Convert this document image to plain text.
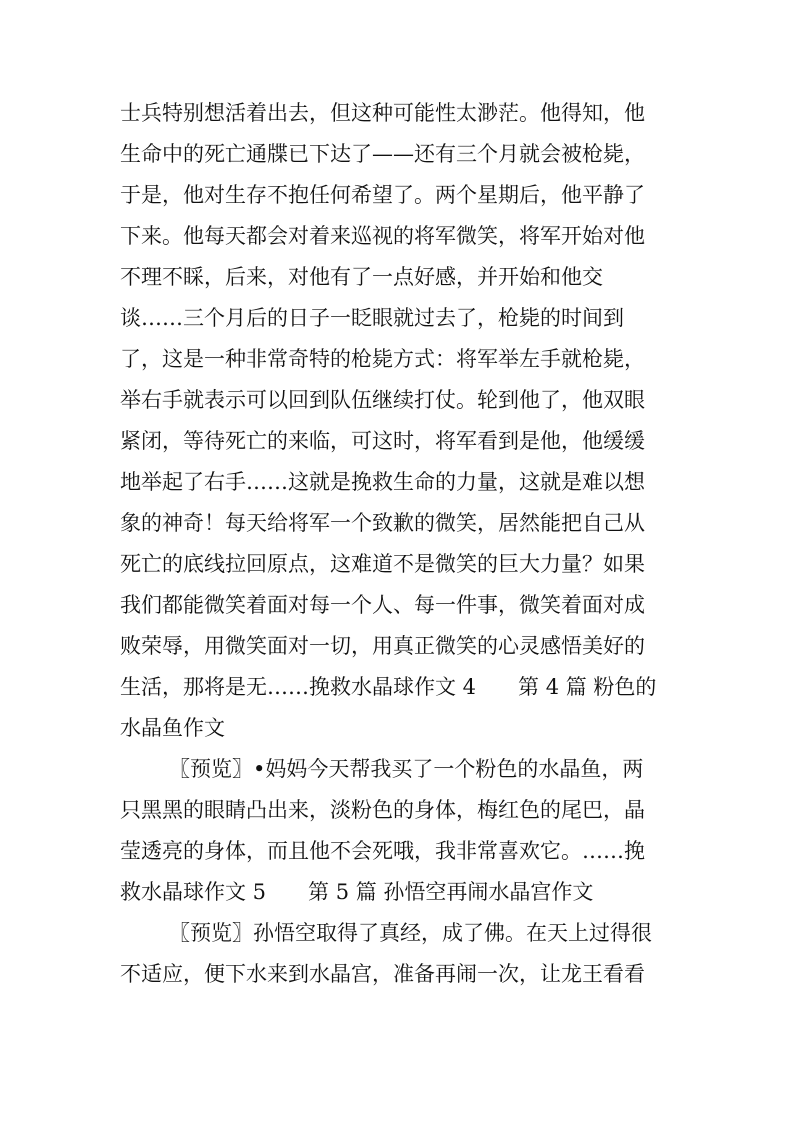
士兵特别想活着出去，但这种可能性太渺茫。他得知，他
生命中的死亡通牒已下达了——还有三个月就会被枪毙，
于是，他对生存不抱任何希望了。两个星期后，他平静了
下来。他每天都会对着来巡视的将军微笑，将军开始对他
不理不睬，后来，对他有了一点好感，并开始和他交
谈……三个月后的日子一眨眼就过去了，枪毙的时间到
了，这是一种非常奇特的枪毙方式：将军举左手就枪毙，
举右手就表示可以回到队伍继续打仗。轮到他了，他双眼
紧闭，等待死亡的来临，可这时，将军看到是他，他缓缓
地举起了右手……这就是挽救生命的力量，这就是难以想
象的神奇！每天给将军一个致歉的微笑，居然能把自己从
死亡的底线拉回原点，这难道不是微笑的巨大力量？如果
我们都能微笑着面对每一个人、每一件事，微笑着面对成
败荣辱，用微笑面对一切，用真正微笑的心灵感悟美好的
生活，那将是无……挽救水晶球作文 4　　第 4 篇 粉色的
水晶鱼作文
〖预览〗•妈妈今天帮我买了一个粉色的水晶鱼，两
只黑黑的眼睛凸出来，淡粉色的身体，梅红色的尾巴，晶
莹透亮的身体，而且他不会死哦，我非常喜欢它。……挽
救水晶球作文 5　　第 5 篇 孙悟空再闹水晶宫作文
〖预览〗孙悟空取得了真经，成了佛。在天上过得很
不适应，便下水来到水晶宫，准备再闹一次，让龙王看看
